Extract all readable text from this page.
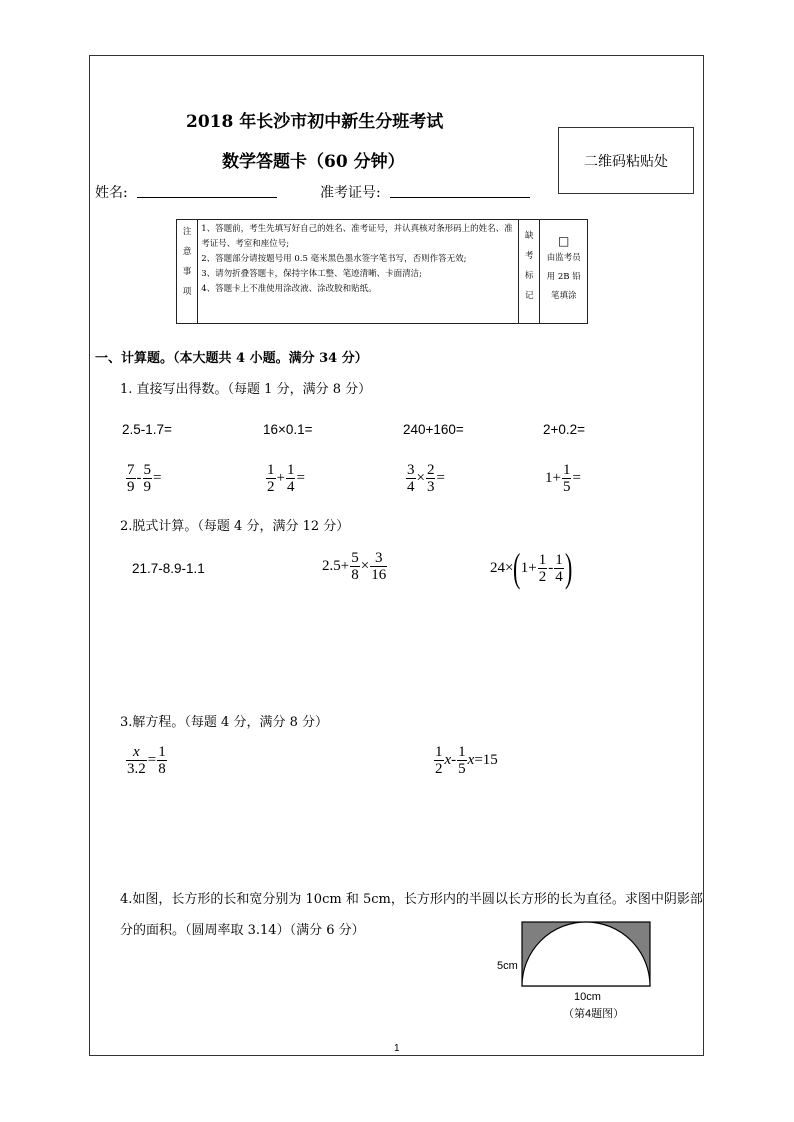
2018 年长沙市初中新生分班考试
数学答题卡（60 分钟）	二维码粘贴处
姓名:	准考证号:
注
意
事
项	
1、答题前，考生先填写好自己的姓名、准考证号，并认真核对条形码上的姓名、准考证号、考室和座位号;
2、答题部分请按题号用 0.5 毫米黑色墨水签字笔书写，否则作答无效;
3、请勿折叠答题卡，保持字体工整、笔迹清晰、卡面清洁;
4、答题卡上不准使用涂改液、涂改胶和贴纸。
	缺
考
标
记	
□
由监考员用 2B 铅笔填涂
一、计算题。（本大题共 4 小题。满分 34 分）
1. 直接写出得数。（每题 1 分，满分 8 分）
2.5-1.7=	16×0.1=	240+160=	2+0.2=
$\frac{7}{9} - \frac{5}{9}$ =	$\frac{1}{2} + \frac{1}{4}$ =	$\frac{3}{4} \times \frac{2}{3}$ =	$1+ \frac{1}{5}$ =
2.脱式计算。（每题 4 分，满分 12 分）
21.7-8.9-1.1	$2.5+ \frac{5}{8} \times \frac{3}{16}$	24× ( $1+ \frac{1}{2} - \frac{1}{4}$ )
3.解方程。（每题 4 分，满分 8 分）
$\frac{x}{3.2} = \frac{1}{8}$	$\frac{1}{2}$ x - $\frac{1}{5}$ x =15
4.如图，长方形的长和宽分别为 10cm 和 5cm，长方形内的半圆以长方形的长为直径。求图中阴影部
分的面积。（圆周率取 3.14）（满分 6 分）
5cm
10cm
（第4题图）
1
